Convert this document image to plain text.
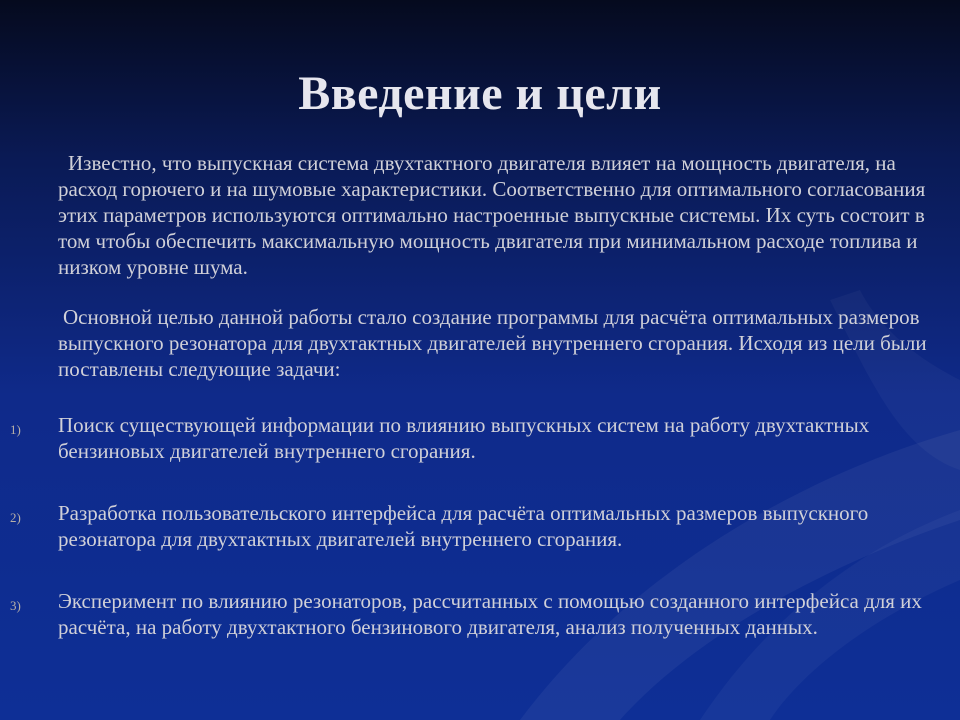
Введение и цели

Известно, что выпускная система двухтактного двигателя влияет на мощность двигателя, на расход горючего и на шумовые характеристики. Соответственно для оптимального согласования этих параметров используются оптимально настроенные выпускные системы. Их суть состоит в том чтобы обеспечить максимальную мощность двигателя при минимальном расходе топлива и низком уровне шума.

Основной целью данной работы стало создание программы для расчёта оптимальных размеров выпускного резонатора для двухтактных двигателей внутреннего сгорания. Исходя из цели были поставлены следующие задачи:

1) Поиск существующей информации по влиянию выпускных систем на работу двухтактных бензиновых двигателей внутреннего сгорания.
2) Разработка пользовательского интерфейса для расчёта оптимальных размеров выпускного резонатора для двухтактных двигателей внутреннего сгорания.
3) Эксперимент по влиянию резонаторов, рассчитанных с помощью созданного интерфейса для их расчёта, на работу двухтактного бензинового двигателя, анализ полученных данных.
